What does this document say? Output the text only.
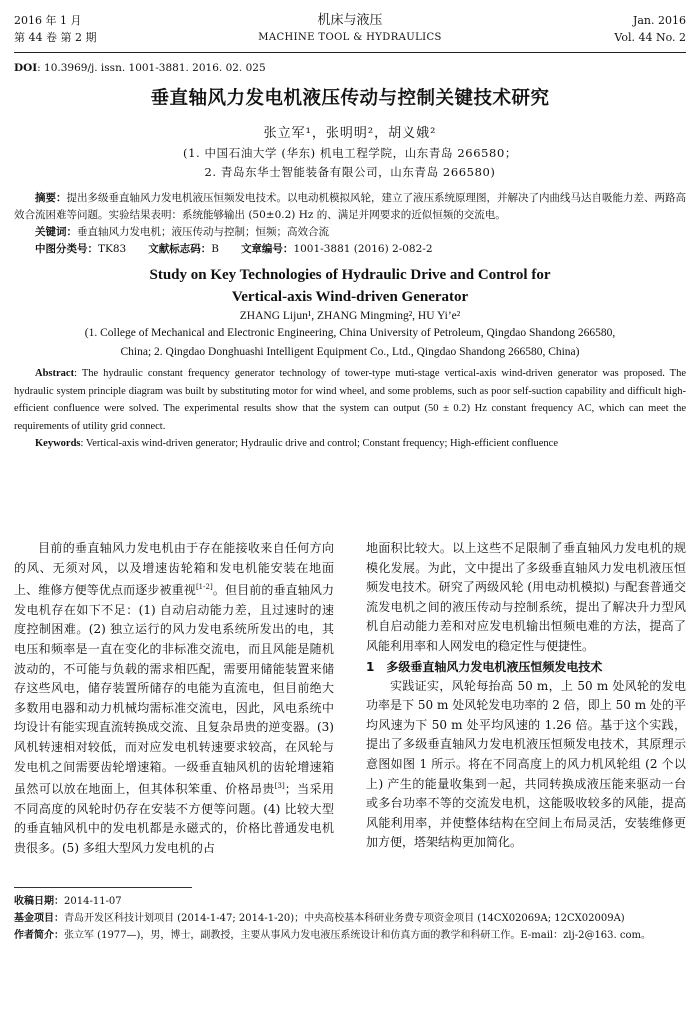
2016 年 1 月
第 44 卷 第 2 期
机床与液压
MACHINE TOOL & HYDRAULICS
Jan. 2016
Vol. 44 No. 2
DOI: 10.3969/j. issn. 1001-3881. 2016. 02. 025
垂直轴风力发电机液压传动与控制关键技术研究
张立军¹，张明明²，胡义娥²
(1. 中国石油大学 (华东) 机电工程学院，山东青岛 266580；
2. 青岛东华士智能装备有限公司，山东青岛 266580)
摘要：提出多级垂直轴风力发电机液压恒频发电技术。以电动机模拟风轮，建立了液压系统原理图，并解决了内曲线马达自吸能力差、两路高效合流困难等问题。实验结果表明：系统能够输出 (50±0.2) Hz 的、满足并网要求的近似恒频的交流电。
关键词：垂直轴风力发电机；液压传动与控制；恒频；高效合流
中图分类号：TK83 文献标志码：B 文章编号：1001-3881 (2016) 2-082-2
Study on Key Technologies of Hydraulic Drive and Control for
Vertical-axis Wind-driven Generator
ZHANG Lijun¹, ZHANG Mingming², HU Yi’e²
(1. College of Mechanical and Electronic Engineering, China University of Petroleum, Qingdao Shandong 266580,
China; 2. Qingdao Donghuashi Intelligent Equipment Co., Ltd., Qingdao Shandong 266580, China)
Abstract: The hydraulic constant frequency generator technology of tower-type muti-stage vertical-axis wind-driven generator was proposed. The hydraulic system principle diagram was built by substituting motor for wind wheel, and some problems, such as poor self-suction capability and difficult high-efficient confluence were solved. The experimental results show that the system can output (50 ± 0.2) Hz constant frequency AC, which can meet the requirements of utility grid connect.
Keywords: Vertical-axis wind-driven generator; Hydraulic drive and control; Constant frequency; High-efficient confluence

目前的垂直轴风力发电机由于存在能接收来自任何方向的风、无须对风，以及增速齿轮箱和发电机能安装在地面上、维修方便等优点而逐步被重视[1-2]。但目前的垂直轴风力发电机存在如下不足：(1) 自动启动能力差，且过速时的速度控制困难。(2) 独立运行的风力发电系统所发出的电，其电压和频率是一直在变化的非标准交流电，而且风能是随机波动的，不可能与负载的需求相匹配，需要用储能装置来储存这些风电，储存装置所储存的电能为直流电，但目前绝大多数用电器和动力机械均需标准交流电，因此，风电系统中均设计有能实现直流转换成交流、且复杂昂贵的逆变器。(3) 风机转速相对较低，而对应发电机转速要求较高，在风轮与发电机之间需要齿轮增速箱。一级垂直轴风机的齿轮增速箱虽然可以放在地面上，但其体积笨重、价格昂贵[3]；当采用不同高度的风轮时仍存在安装不方便等问题。(4) 比较大型的垂直轴风机中的发电机都是永磁式的，价格比普通发电机贵很多。(5) 多组大型风力发电机的占

地面积比较大。以上这些不足限制了垂直轴风力发电机的规模化发展。为此，文中提出了多级垂直轴风力发电机液压恒频发电技术。研究了两级风轮 (用电动机模拟) 与配套普通交流发电机之间的液压传动与控制系统，提出了解决升力型风机自启动能力差和对应发电机输出恒频电难的方法，提高了风能利用率和人网发电的稳定性与便捷性。

1　多级垂直轴风力发电机液压恒频发电技术

实践证实，风轮每抬高 50 m，上 50 m 处风轮的发电功率是下 50 m 处风轮发电功率的 2 倍，即上 50 m 处的平均风速为下 50 m 处平均风速的 1.26 倍。基于这个实践，提出了多级垂直轴风力发电机液压恒频发电技术，其原理示意图如图 1 所示。将在不同高度上的风力机风轮组 (2 个以上) 产生的能量收集到一起，共同转换成液压能来驱动一台或多台功率不等的交流发电机，这能吸收较多的风能，提高风能利用率，并使整体结构在空间上布局灵活，安装维修更加方便，塔架结构更加简化。

收稿日期： 2014-11-07
基金项目： 青岛开发区科技计划项目 (2014-1-47; 2014-1-20)；中央高校基本科研业务费专项资金项目 (14CX02069A; 12CX02009A)
作者简介： 张立军 (1977—)，男，博士，副教授，主要从事风力发电液压系统设计和仿真方面的教学和科研工作。E-mail：zlj-2@163. com。
